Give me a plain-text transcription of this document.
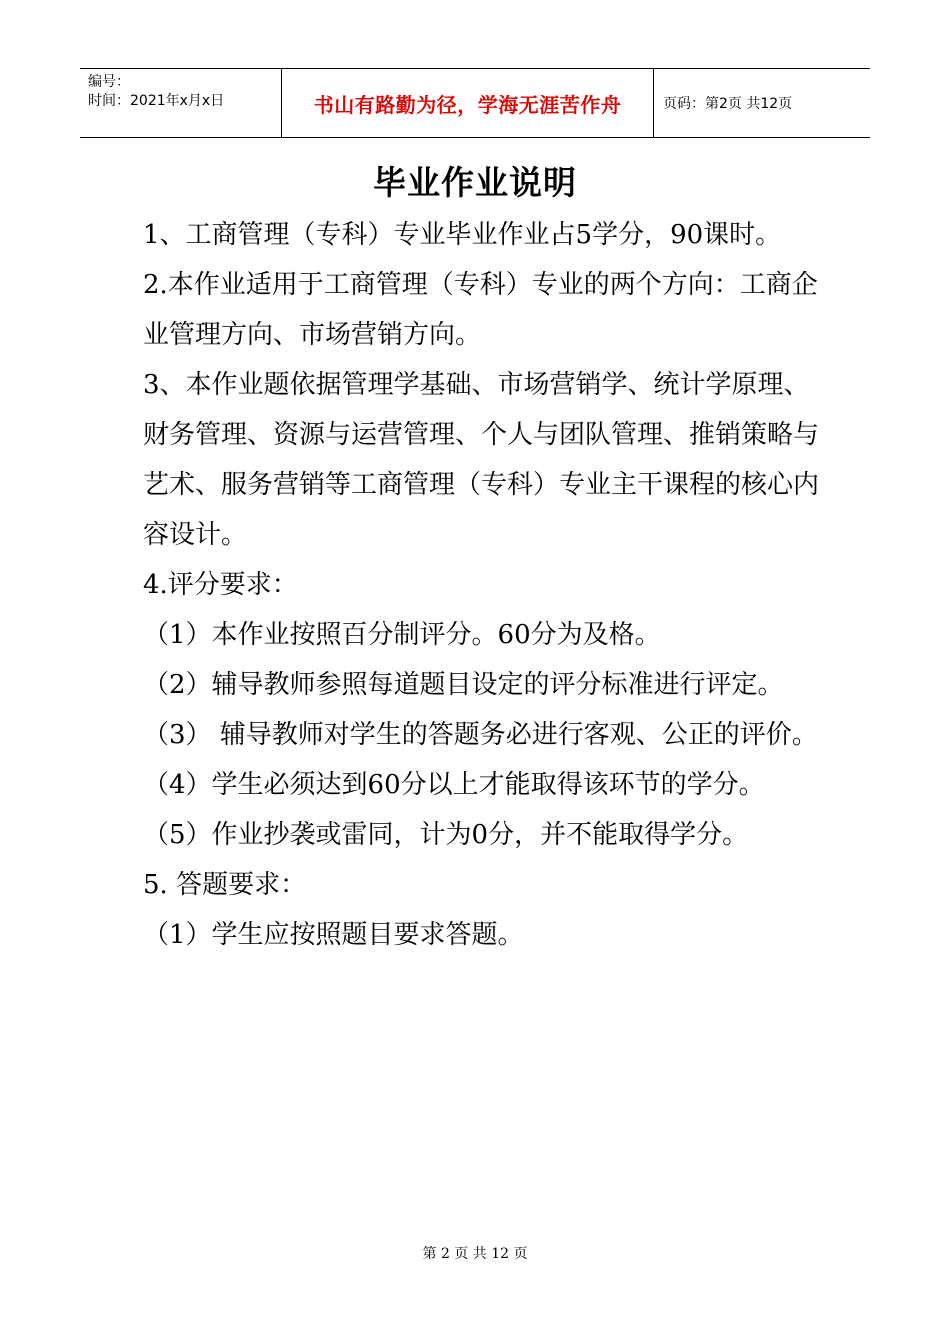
编号：
时间：2021年x月x日	书山有路勤为径，学海无涯苦作舟	页码：第2页 共12页
毕业作业说明

1、工商管理（专科）专业毕业作业占5学分，90课时。

2.本作业适用于工商管理（专科）专业的两个方向：工商企业管理方向、市场营销方向。

3、本作业题依据管理学基础、市场营销学、统计学原理、财务管理、资源与运营管理、个人与团队管理、推销策略与艺术、服务营销等工商管理（专科）专业主干课程的核心内容设计。

4.评分要求：

（1）本作业按照百分制评分。60分为及格。

（2）辅导教师参照每道题目设定的评分标准进行评定。

（3） 辅导教师对学生的答题务必进行客观、公正的评价。

（4）学生必须达到60分以上才能取得该环节的学分。

（5）作业抄袭或雷同，计为0分，并不能取得学分。

5. 答题要求：

（1）学生应按照题目要求答题。

第 2 页 共 12 页
